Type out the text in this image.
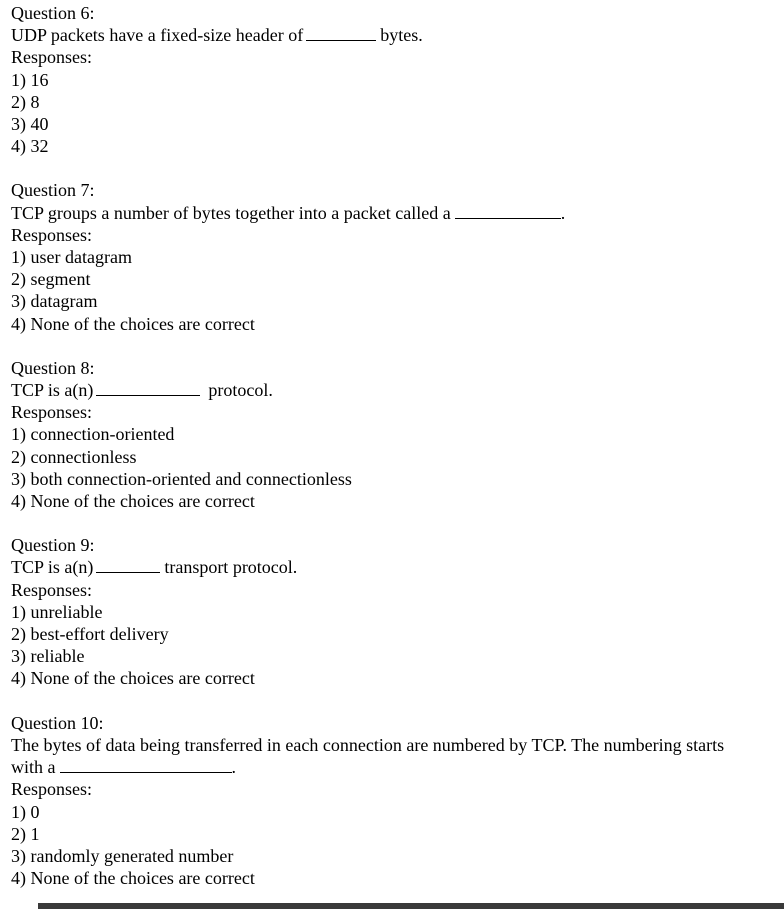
Question 6:
UDP packets have a fixed-size header of	bytes.
Responses:
1) 16
2) 8
3) 40
4) 32
Question 7:
TCP groups a number of bytes together into a packet called a	.
Responses:
1) user datagram
2) segment
3) datagram
4) None of the choices are correct
Question 8:
TCP is a(n)	protocol.
Responses:
1) connection-oriented
2) connectionless
3) both connection-oriented and connectionless
4) None of the choices are correct
Question 9:
TCP is a(n)	transport protocol.
Responses:
1) unreliable
2) best-effort delivery
3) reliable
4) None of the choices are correct
Question 10:
The bytes of data being transferred in each connection are numbered by TCP. The numbering starts
with a	.
Responses:
1) 0
2) 1
3) randomly generated number
4) None of the choices are correct
